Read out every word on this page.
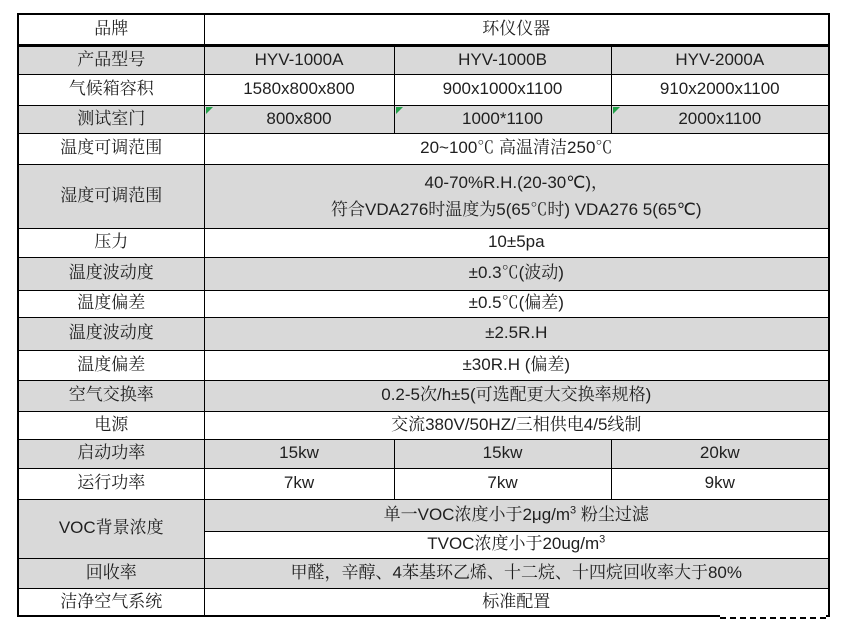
品牌	环仪仪器		
产品型号	HYV-1000A	HYV-1000B	HYV-2000A
气候箱容积	1580x800x800	900x1000x1100	910x2000x1100
测试室门	800x800	1000*1100	2000x1100
温度可调范围	20~100℃ 高温清洁250℃		
湿度可调范围	40-70%R.H.(20-30℃)，
符合VDA276时温度为5(65℃时) VDA276 5(65℃)		

压力	10±5pa		
温度波动度	±0.3℃(波动)		
温度偏差	±0.5℃(偏差)		
温度波动度	±2.5R.H		
温度偏差	±30R.H (偏差)		
空气交换率	0.2-5次/h±5(可选配更大交换率规格)		
电源	交流380V/50HZ/三相供电4/5线制		
启动功率	15kw	15kw	20kw
运行功率	7kw	7kw	9kw
VOC背景浓度	单一VOC浓度小于$2\mu g/m^3$ 粉尘过滤		
	TVOC浓度小于$20ug/m^3$
回收率	甲醛，辛醇、4苯基环乙烯、十二烷、十四烷回收率大于80%		
洁净空气系统	标准配置		
